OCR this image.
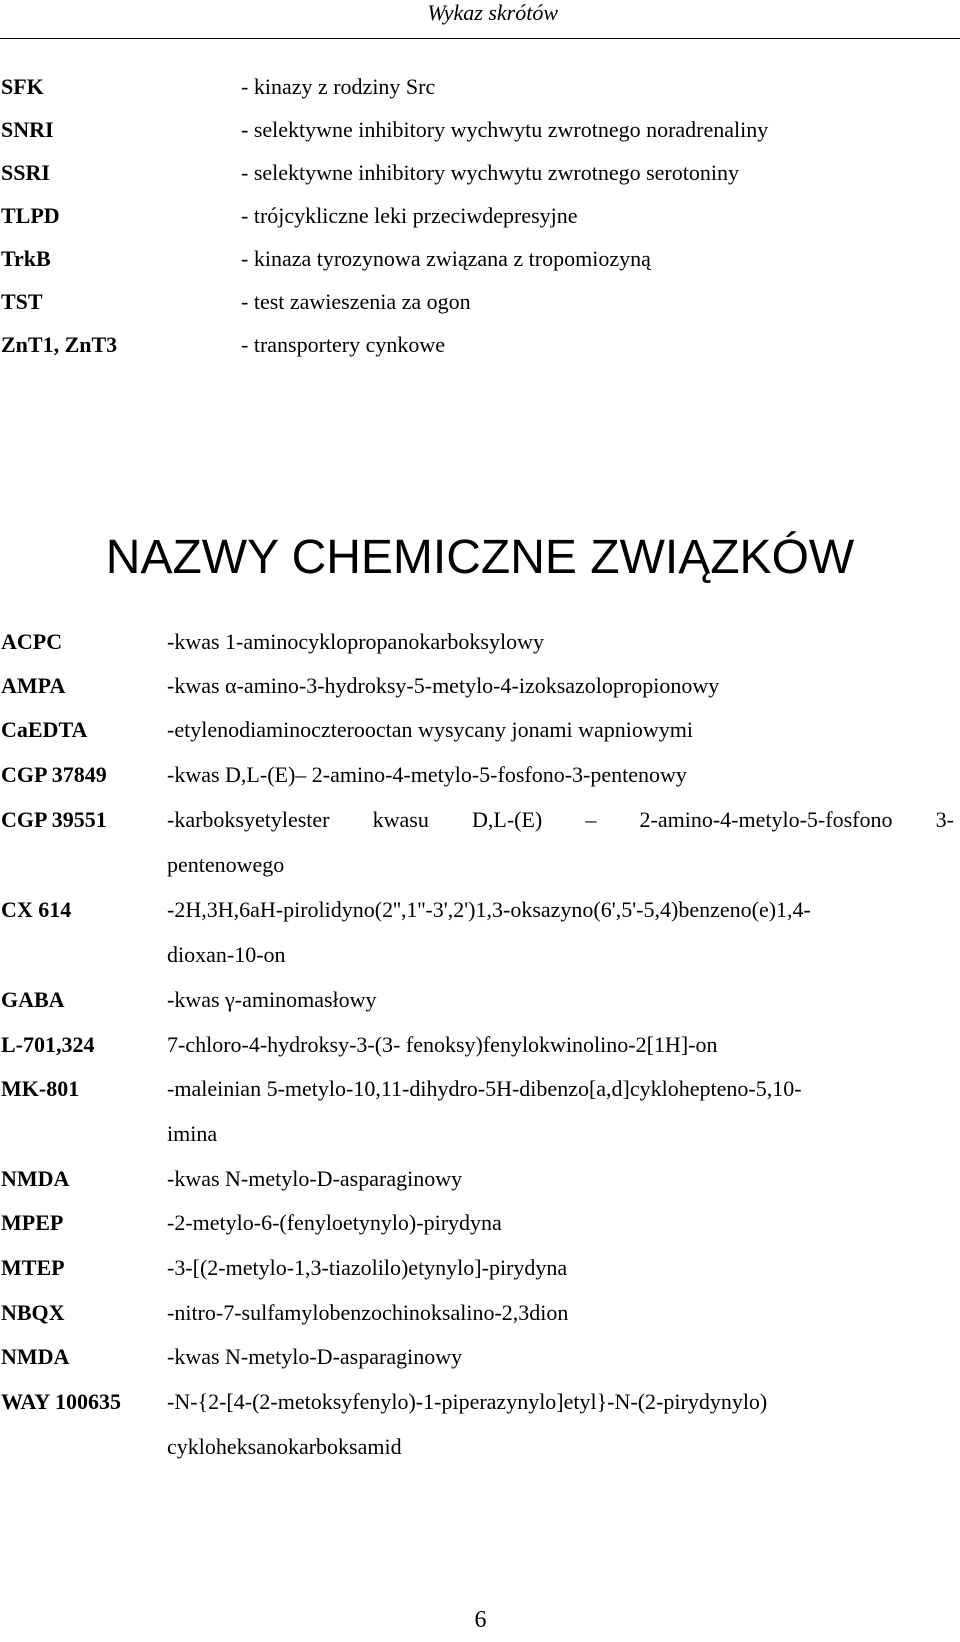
Wykaz skrótów
SFK	- kinazy z rodziny Src
SNRI	- selektywne inhibitory wychwytu zwrotnego noradrenaliny
SSRI	- selektywne inhibitory wychwytu zwrotnego serotoniny
TLPD	- trójcykliczne leki przeciwdepresyjne
TrkB	- kinaza tyrozynowa związana z tropomiozyną
TST	- test zawieszenia za ogon
ZnT1, ZnT3	- transportery cynkowe
NAZWY CHEMICZNE ZWIĄZKÓW
ACPC	-kwas 1-aminocyklopropanokarboksylowy
AMPA	-kwas α-amino-3-hydroksy-5-metylo-4-izoksazolopropionowy
CaEDTA	-etylenodiaminoczterooctan wysycany jonami wapniowymi
CGP 37849	-kwas D,L-(E)– 2-amino-4-metylo-5-fosfono-3-pentenowy
CGP 39551	-karboksyetylester kwasu D,L-(E) – 2-amino-4-metylo-5-fosfono 3-
pentenowego
CX 614	-2H,3H,6aH-pirolidyno(2'',1''-3',2')1,3-oksazyno(6',5'-5,4)benzeno(e)1,4-
dioxan-10-on
GABA	-kwas γ-aminomasłowy
L-701,324	7-chloro-4-hydroksy-3-(3- fenoksy)fenylokwinolino-2[1H]-on
MK-801	-maleinian 5-metylo-10,11-dihydro-5H-dibenzo[a,d]cyklohepteno-5,10-
imina
NMDA	-kwas N-metylo-D-asparaginowy
MPEP	-2-metylo-6-(fenyloetynylo)-pirydyna
MTEP	-3-[(2-metylo-1,3-tiazolilo)etynylo]-pirydyna
NBQX	-nitro-7-sulfamylobenzochinoksalino-2,3dion
NMDA	-kwas N-metylo-D-asparaginowy
WAY 100635 -N-{2-[4-(2-metoksyfenylo)-1-piperazynylo]etyl}-N-(2-pirydynylo)
cykloheksanokarboksamid
6
